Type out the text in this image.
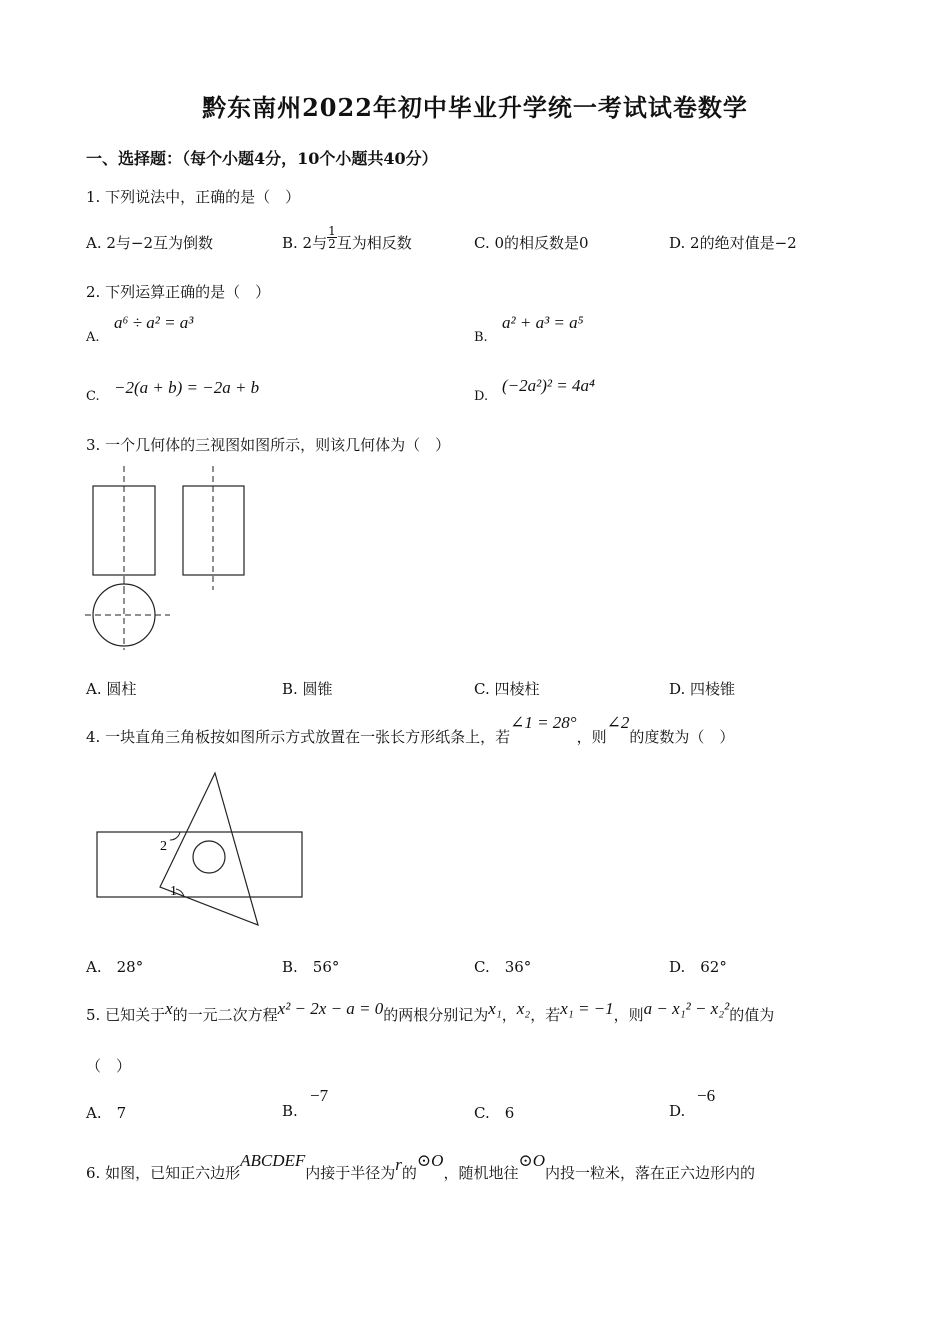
黔东南州2022年初中毕业升学统一考试试卷数学
一、选择题：（每个小题4分，10个小题共40分）
1. 下列说法中，正确的是（　）
A. 2与−2互为倒数	B. 2与 $\frac{1}{2}$ 互为相反数	C. 0的相反数是0	D. 2的绝对值是−2
2. 下列运算正确的是（　）
A.
a⁶ ÷ a² = a³
B.
a² + a³ = a⁵
C. −2(a + b) = −2a + b	D.
(−2a²)² = 4a⁴
3. 一个几何体的三视图如图所示，则该几何体为（　）
A. 圆柱	B. 圆锥	C. 四棱柱	D. 四棱锥
4. 一块直角三角板按如图所示方式放置在一张长方形纸条上，若∠1 = 28°，则∠2的度数为（　）
2
1
A.　28°	B.　56°	C.　36°	D.　62°
5. 已知关于x的一元二次方程x² − 2x − a = 0的两根分别记为x₁，x₂，若x₁ = −1，则a − x₁² − x₂²的值为
（　）
A.　7	B.
−7
C.　6	D.
−6
6. 如图，已知正六边形ABCDEF内接于半径为r的⊙O，随机地往⊙O内投一粒米，落在正六边形内的
